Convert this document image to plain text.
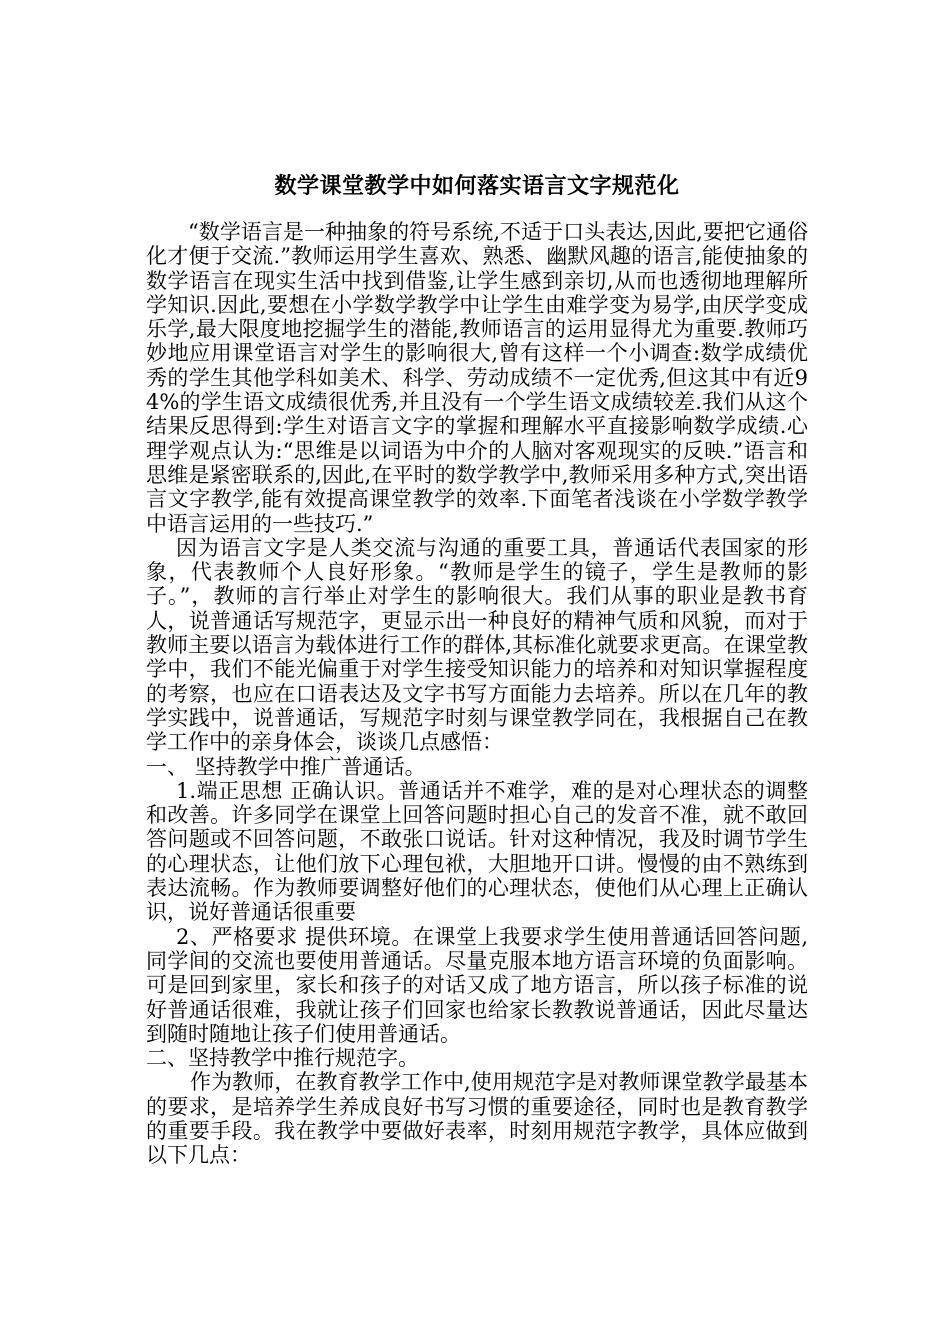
数学课堂教学中如何落实语言文字规范化

“数学语言是一种抽象的符号系统,不适于口头表达,因此,要把它通俗化才便于交流.”教师运用学生喜欢、熟悉、幽默风趣的语言,能使抽象的数学语言在现实生活中找到借鉴,让学生感到亲切,从而也透彻地理解所学知识.因此,要想在小学数学教学中让学生由难学变为易学,由厌学变成乐学,最大限度地挖掘学生的潜能,教师语言的运用显得尤为重要.教师巧妙地应用课堂语言对学生的影响很大,曾有这样一个小调查:数学成绩优秀的学生其他学科如美术、科学、劳动成绩不一定优秀,但这其中有近94%的学生语文成绩很优秀,并且没有一个学生语文成绩较差.我们从这个结果反思得到:学生对语言文字的掌握和理解水平直接影响数学成绩.心理学观点认为:“思维是以词语为中介的人脑对客观现实的反映.”语言和思维是紧密联系的,因此,在平时的数学教学中,教师采用多种方式,突出语言文字教学,能有效提高课堂教学的效率.下面笔者浅谈在小学数学教学中语言运用的一些技巧.”

因为语言文字是人类交流与沟通的重要工具，普通话代表国家的形象，代表教师个人良好形象。“教师是学生的镜子，学生是教师的影子。”，教师的言行举止对学生的影响很大。我们从事的职业是教书育人，说普通话写规范字，更显示出一种良好的精神气质和风貌，而对于教师主要以语言为载体进行工作的群体,其标准化就要求更高。在课堂教学中，我们不能光偏重于对学生接受知识能力的培养和对知识掌握程度的考察，也应在口语表达及文字书写方面能力去培养。所以在几年的教学实践中，说普通话，写规范字时刻与课堂教学同在，我根据自己在教学工作中的亲身体会，谈谈几点感悟：

一、 坚持教学中推广普通话。

1.端正思想 正确认识。普通话并不难学，难的是对心理状态的调整和改善。许多同学在课堂上回答问题时担心自己的发音不准，就不敢回答问题或不回答问题，不敢张口说话。针对这种情况，我及时调节学生的心理状态，让他们放下心理包袱，大胆地开口讲。慢慢的由不熟练到表达流畅。作为教师要调整好他们的心理状态，使他们从心理上正确认识，说好普通话很重要

2、严格要求 提供环境。在课堂上我要求学生使用普通话回答问题,同学间的交流也要使用普通话。尽量克服本地方语言环境的负面影响。可是回到家里，家长和孩子的对话又成了地方语言，所以孩子标准的说好普通话很难，我就让孩子们回家也给家长教教说普通话，因此尽量达到随时随地让孩子们使用普通话。

二、坚持教学中推行规范字。

作为教师，在教育教学工作中,使用规范字是对教师课堂教学最基本的要求，是培养学生养成良好书写习惯的重要途径，同时也是教育教学的重要手段。我在教学中要做好表率，时刻用规范字教学，具体应做到以下几点：
